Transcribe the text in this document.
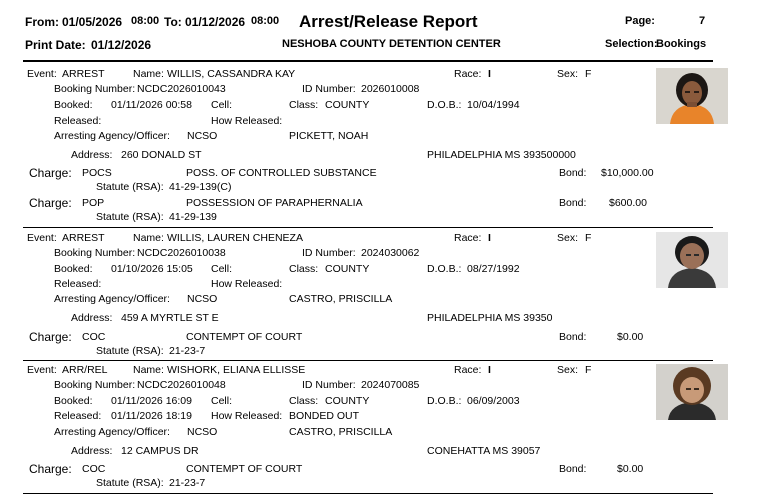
From: 01/05/2026 08:00 To: 01/12/2026 08:00 Arrest/Release Report	Page:	7
Print Date: 01/12/2026	NESHOBA COUNTY DETENTION CENTER	Selection:
Bookings
Event: ARREST	Name: WILLIS, CASSANDRA KAY	Race: I	Sex: F
Booking Number: NCDC2026010043	ID Number: 2026010008
Booked: 01/11/2026 00:58 Cell:	Class: COUNTY	D.O.B.: 10/04/1994
Released:	How Released:
Arresting Agency/Officer: NCSO	PICKETT, NOAH
Address: 260 DONALD ST	PHILADELPHIA MS 393500000
Charge: POCS	POSS. OF CONTROLLED SUBSTANCE	Bond: $10,000.00
Statute (RSA): 41-29-139(C)
Charge: POP	POSSESSION OF PARAPHERNALIA	Bond: $600.00
Statute (RSA): 41-29-139
Event: ARREST	Name: WILLIS, LAUREN CHENEZA	Race: I	Sex: F
Booking Number: NCDC2026010038	ID Number: 2024030062
Booked: 01/10/2026 15:05 Cell:	Class: COUNTY	D.O.B.: 08/27/1992
Released:	How Released:
Arresting Agency/Officer: NCSO	CASTRO, PRISCILLA
Address: 459 A MYRTLE ST E	PHILADELPHIA MS 39350
Charge: COC	CONTEMPT OF COURT	Bond:	$0.00
Statute (RSA): 21-23-7
Event: ARR/REL Name: WISHORK, ELIANA ELLISSE	Race: I	Sex: F
Booking Number: NCDC2026010048	ID Number: 2024070085
Booked: 01/11/2026 16:09 Cell:	Class: COUNTY	D.O.B.: 06/09/2003
Released: 01/11/2026 18:19 How Released: BONDED OUT
Arresting Agency/Officer: NCSO	CASTRO, PRISCILLA
Address: 12 CAMPUS DR	CONEHATTA MS 39057
Charge: COC	CONTEMPT OF COURT	Bond:	$0.00
Statute (RSA): 21-23-7
